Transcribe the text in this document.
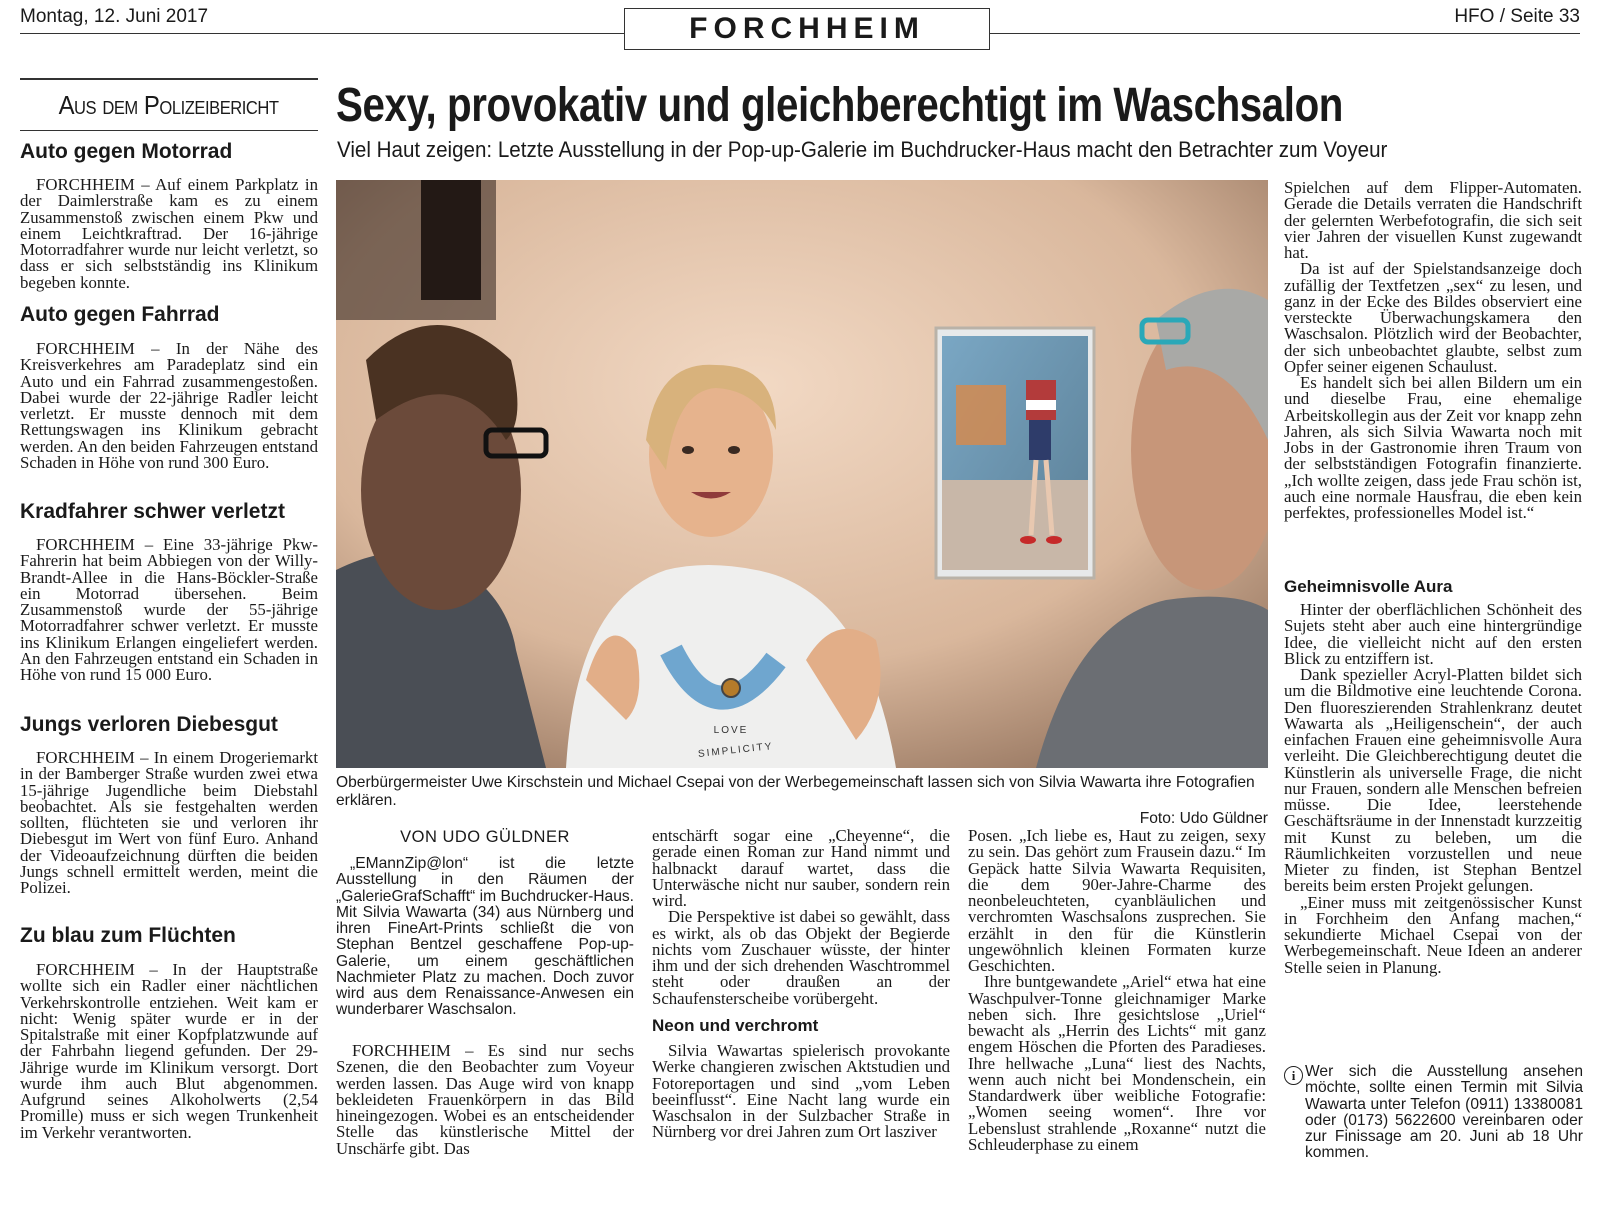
Montag, 12. Juni 2017	FORCHHEIM	HFO / Seite 33
Aus dem Polizeibericht
Auto gegen Motorrad

FORCHHEIM – Auf einem Parkplatz in der Daimlerstraße kam es zu einem Zusammenstoß zwischen einem Pkw und einem Leichtkraftrad. Der 16-jährige Motorradfahrer wurde nur leicht verletzt, so dass er sich selbstständig ins Klinikum begeben konnte.

Auto gegen Fahrrad

FORCHHEIM – In der Nähe des Kreisverkehres am Paradeplatz sind ein Auto und ein Fahrrad zusammengestoßen. Dabei wurde der 22-jährige Radler leicht verletzt. Er musste dennoch mit dem Rettungswagen ins Klinikum gebracht werden. An den beiden Fahrzeugen entstand Schaden in Höhe von rund 300 Euro.

Kradfahrer schwer verletzt

FORCHHEIM – Eine 33-jährige Pkw-Fahrerin hat beim Abbiegen von der Willy-Brandt-Allee in die Hans-Böckler-Straße ein Motorrad übersehen. Beim Zusammenstoß wurde der 55-jährige Motorradfahrer schwer verletzt. Er musste ins Klinikum Erlangen eingeliefert werden. An den Fahrzeugen entstand ein Schaden in Höhe von rund 15 000 Euro.

Jungs verloren Diebesgut

FORCHHEIM – In einem Drogeriemarkt in der Bamberger Straße wurden zwei etwa 15-jährige Jugendliche beim Diebstahl beobachtet. Als sie festgehalten werden sollten, flüchteten sie und verloren ihr Diebesgut im Wert von fünf Euro. Anhand der Videoaufzeichnung dürften die beiden Jungs schnell ermittelt werden, meint die Polizei.

Zu blau zum Flüchten

FORCHHEIM – In der Hauptstraße wollte sich ein Radler einer nächtlichen Verkehrskontrolle entziehen. Weit kam er nicht: Wenig später wurde er in der Spitalstraße mit einer Kopfplatzwunde auf der Fahrbahn liegend gefunden. Der 29-Jährige wurde im Klinikum versorgt. Dort wurde ihm auch Blut abgenommen. Aufgrund seines Alkoholwerts (2,54 Promille) muss er sich wegen Trunkenheit im Verkehr verantworten.

Sexy, provokativ und gleichberechtigt im Waschsalon
Viel Haut zeigen: Letzte Ausstellung in der Pop-up-Galerie im Buchdrucker-Haus macht den Betrachter zum Voyeur
LOVE
SIMPLICITY
Oberbürgermeister Uwe Kirschstein und Michael Csepai von der Werbegemeinschaft lassen sich von Silvia Wawarta ihre Fotografien erklären.
Foto: Udo Güldner
VON UDO GÜLDNER

„EMannZip@lon“ ist die letzte Ausstellung in den Räumen der „GalerieGrafSchafft“ im Buchdrucker-Haus. Mit Silvia Wawarta (34) aus Nürnberg und ihren FineArt-Prints schließt die von Stephan Bentzel geschaffene Pop-up-Galerie, um einem geschäftlichen Nachmieter Platz zu machen. Doch zuvor wird aus dem Renaissance-Anwesen ein wunderbarer Waschsalon.

FORCHHEIM – Es sind nur sechs Szenen, die den Beobachter zum Voyeur werden lassen. Das Auge wird von knapp bekleideten Frauenkörpern in das Bild hineingezogen. Wobei es an entscheidender Stelle das künstlerische Mittel der Unschärfe gibt. Das

entschärft sogar eine „Cheyenne“, die gerade einen Roman zur Hand nimmt und halbnackt darauf wartet, dass die Unterwäsche nicht nur sauber, sondern rein wird.

Die Perspektive ist dabei so gewählt, dass es wirkt, als ob das Objekt der Begierde nichts vom Zuschauer wüsste, der hinter ihm und der sich drehenden Waschtrommel steht oder draußen an der Schaufensterscheibe vorübergeht.

Neon und verchromt

Silvia Wawartas spielerisch provokante Werke changieren zwischen Aktstudien und Fotoreportagen und sind „vom Leben beeinflusst“. Eine Nacht lang wurde ein Waschsalon in der Sulzbacher Straße in Nürnberg vor drei Jahren zum Ort lasziver

Posen. „Ich liebe es, Haut zu zeigen, sexy zu sein. Das gehört zum Frausein dazu.“ Im Gepäck hatte Silvia Wawarta Requisiten, die dem 90er-Jahre-Charme des neonbeleuchteten, cyanbläulichen und verchromten Waschsalons zusprechen. Sie erzählt in den für die Künstlerin ungewöhnlich kleinen Formaten kurze Geschichten.

Ihre buntgewandete „Ariel“ etwa hat eine Waschpulver-Tonne gleichnamiger Marke neben sich. Ihre gesichtslose „Uriel“ bewacht als „Herrin des Lichts“ mit ganz engem Höschen die Pforten des Paradieses. Ihre hellwache „Luna“ liest des Nachts, wenn auch nicht bei Mondenschein, ein Standardwerk über weibliche Fotografie: „Women seeing women“. Ihre vor Lebenslust strahlende „Roxanne“ nutzt die Schleuderphase zu einem

Spielchen auf dem Flipper-Automaten. Gerade die Details verraten die Handschrift der gelernten Werbefotografin, die sich seit vier Jahren der visuellen Kunst zugewandt hat.

Da ist auf der Spielstandsanzeige doch zufällig der Textfetzen „sex“ zu lesen, und ganz in der Ecke des Bildes observiert eine versteckte Überwachungskamera den Waschsalon. Plötzlich wird der Beobachter, der sich unbeobachtet glaubte, selbst zum Opfer seiner eigenen Schaulust.

Es handelt sich bei allen Bildern um ein und dieselbe Frau, eine ehemalige Arbeitskollegin aus der Zeit vor knapp zehn Jahren, als sich Silvia Wawarta noch mit Jobs in der Gastronomie ihren Traum von der selbstständigen Fotografin finanzierte. „Ich wollte zeigen, dass jede Frau schön ist, auch eine normale Hausfrau, die eben kein perfektes, professionelles Model ist.“

Geheimnisvolle Aura

Hinter der oberflächlichen Schönheit des Sujets steht aber auch eine hintergründige Idee, die vielleicht nicht auf den ersten Blick zu entziffern ist.

Dank spezieller Acryl-Platten bildet sich um die Bildmotive eine leuchtende Corona. Den fluoreszierenden Strahlenkranz deutet Wawarta als „Heiligenschein“, der auch einfachen Frauen eine geheimnisvolle Aura verleiht. Die Gleichberechtigung deutet die Künstlerin als universelle Frage, die nicht nur Frauen, sondern alle Menschen befreien müsse. Die Idee, leerstehende Geschäftsräume in der Innenstadt kurzzeitig mit Kunst zu beleben, um die Räumlichkeiten vorzustellen und neue Mieter zu finden, ist Stephan Bentzel bereits beim ersten Projekt gelungen.

„Einer muss mit zeitgenössischer Kunst in Forchheim den Anfang machen,“ sekundierte Michael Csepai von der Werbegemeinschaft. Neue Ideen an anderer Stelle seien in Planung.

i Wer sich die Ausstellung ansehen möchte, sollte einen Termin mit Silvia Wawarta unter Telefon (0911) 13380081 oder (0173) 5622600 vereinbaren oder zur Finissage am 20. Juni ab 18 Uhr kommen.
